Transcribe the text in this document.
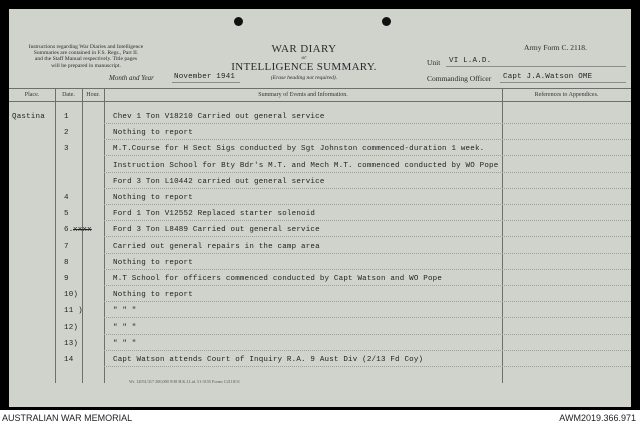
Instructions regarding War Diaries and Intelligence
Summaries are contained in F.S. Regs., Part II.
and the Staff Manual respectively. Title pages
will be prepared in manuscript.
WAR DIARY
or
INTELLIGENCE SUMMARY.
(Erase heading not required).
Month and Year	November 1941
Army Form C. 2118.
Unit VI L.A.D.
Commanding Officer Capt J.A.Watson OME
Place.	Date.	Hour.	Summary of Events and Information.	References to Appendices.
Qastina	1	Chev 1 Ton V18210 Carried out general service
2	Nothing to report
3	M.T.Course for H Sect Sigs conducted by Sgt Johnston commenced-duration 1 week.
Instruction School for Bty Bdr's M.T. and Mech M.T. commenced conducted by WO Pope
Ford 3 Ton L10442 carried out general service
4	Nothing to report
5	Ford 1 Ton V12552 Replaced starter solenoid
6. xxxx	Ford 3 Ton L8489 Carried out general service
7	Carried out general repairs in the camp area
8	Nothing to report
9	M.T School for officers commenced conducted by Capt Watson and WO Pope
10)	Nothing to report
11 )	" " "
12)	" " "
13)	" " "
14	Capt Watson attends Court of Inquiry R.A. 9 Aust Div (2/13 Fd Coy)
Wt. 12031/317 200,000 9/38 H.K.J.Ltd. 51-3155 Forms C2118/11
AUSTRALIAN WAR MEMORIAL	AWM2019.366.971
